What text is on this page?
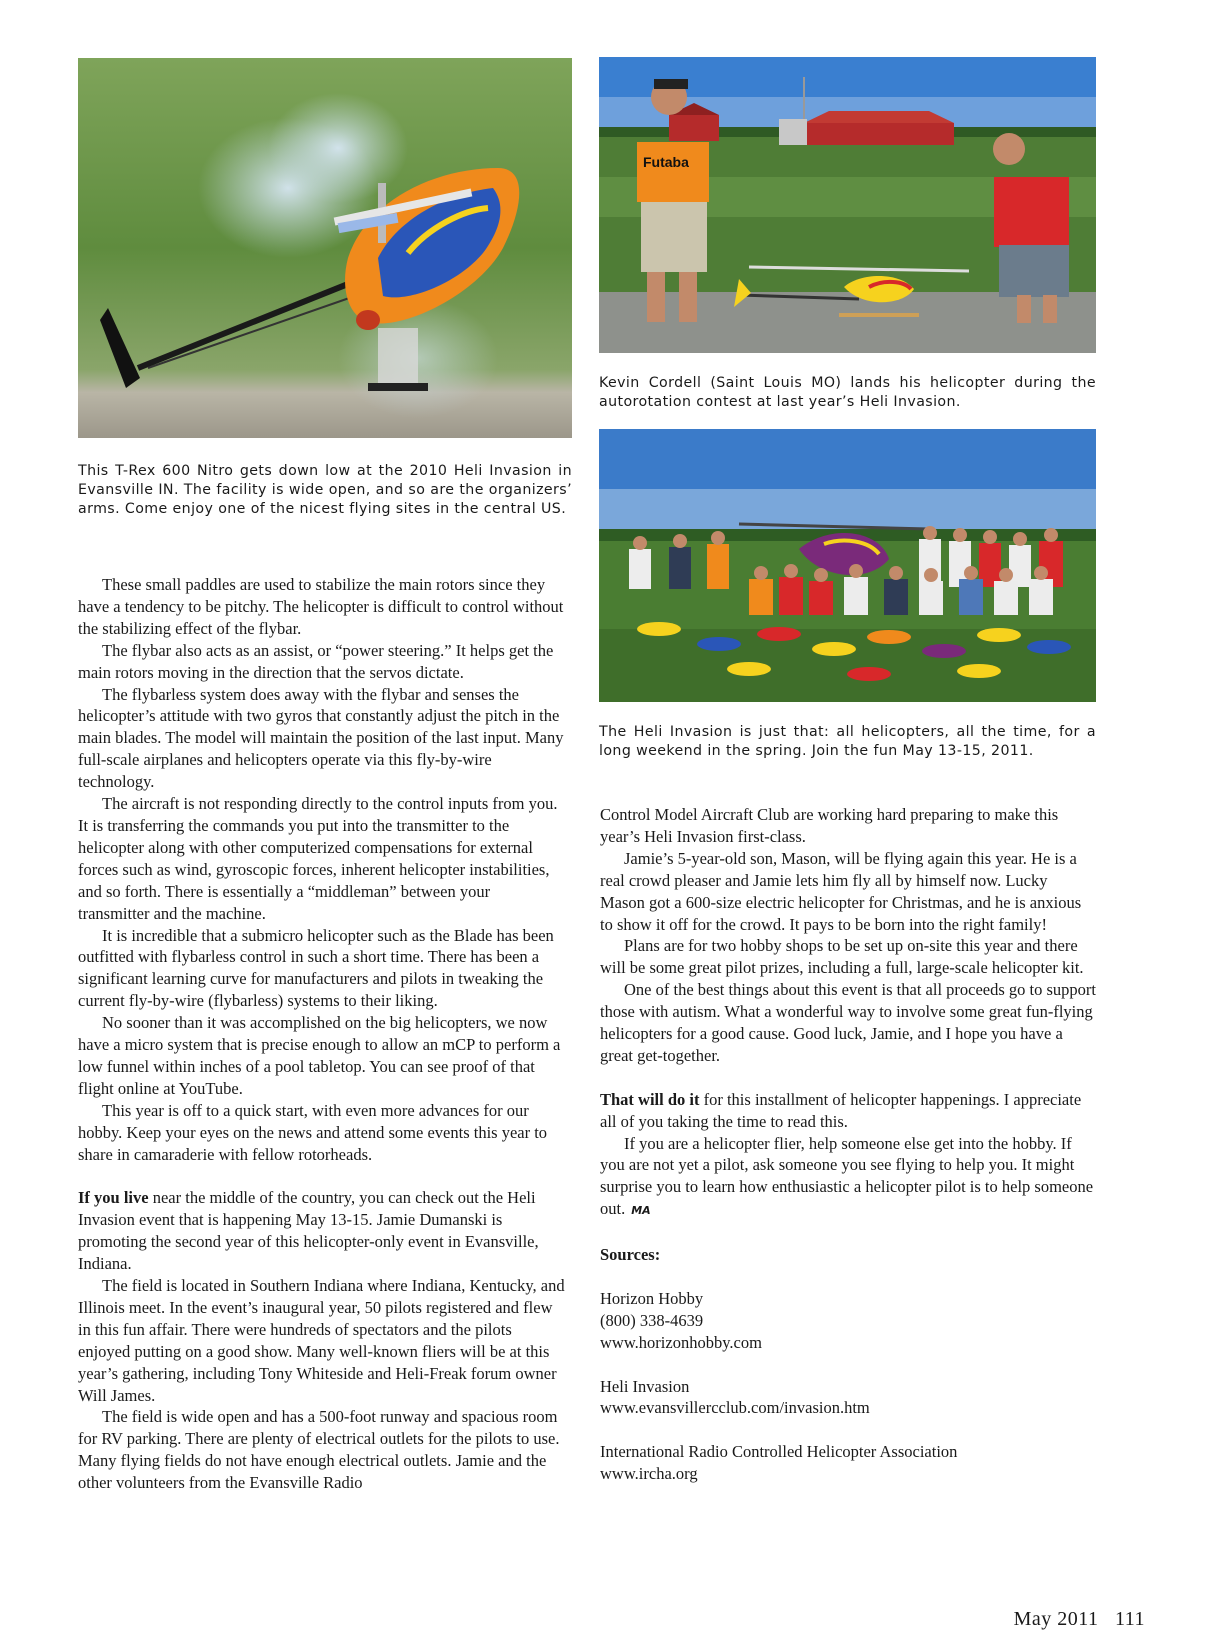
This T-Rex 600 Nitro gets down low at the 2010 Heli Invasion in Evansville IN. The facility is wide open, and so are the organizers’ arms. Come enjoy one of the nicest flying sites in the central US.
Futaba
Kevin Cordell (Saint Louis MO) lands his helicopter during the autorotation contest at last year’s Heli Invasion.
The Heli Invasion is just that: all helicopters, all the time, for a long weekend in the spring. Join the fun May 13-15, 2011.

These small paddles are used to stabilize the main rotors since they have a tendency to be pitchy. The helicopter is difficult to control without the stabilizing effect of the flybar.

The flybar also acts as an assist, or “power steering.” It helps get the main rotors moving in the direction that the servos dictate.

The flybarless system does away with the flybar and senses the helicopter’s attitude with two gyros that constantly adjust the pitch in the main blades. The model will maintain the position of the last input. Many full-scale airplanes and helicopters operate via this fly-by-wire technology.

The aircraft is not responding directly to the control inputs from you. It is transferring the commands you put into the transmitter to the helicopter along with other computerized compensations for external forces such as wind, gyroscopic forces, inherent helicopter instabilities, and so forth. There is essentially a “middleman” between your transmitter and the machine.

It is incredible that a submicro helicopter such as the Blade has been outfitted with flybarless control in such a short time. There has been a significant learning curve for manufacturers and pilots in tweaking the current fly-by-wire (flybarless) systems to their liking.

No sooner than it was accomplished on the big helicopters, we now have a micro system that is precise enough to allow an mCP to perform a low funnel within inches of a pool tabletop. You can see proof of that flight online at YouTube.

This year is off to a quick start, with even more advances for our hobby. Keep your eyes on the news and attend some events this year to share in camaraderie with fellow rotorheads.

If you live near the middle of the country, you can check out the Heli Invasion event that is happening May 13-15. Jamie Dumanski is promoting the second year of this helicopter-only event in Evansville, Indiana.

The field is located in Southern Indiana where Indiana, Kentucky, and Illinois meet. In the event’s inaugural year, 50 pilots registered and flew in this fun affair. There were hundreds of spectators and the pilots enjoyed putting on a good show. Many well-known fliers will be at this year’s gathering, including Tony Whiteside and Heli-Freak forum owner Will James.

The field is wide open and has a 500-foot runway and spacious room for RV parking. There are plenty of electrical outlets for the pilots to use. Many flying fields do not have enough electrical outlets. Jamie and the other volunteers from the Evansville Radio

Control Model Aircraft Club are working hard preparing to make this year’s Heli Invasion first-class.

Jamie’s 5-year-old son, Mason, will be flying again this year. He is a real crowd pleaser and Jamie lets him fly all by himself now. Lucky Mason got a 600-size electric helicopter for Christmas, and he is anxious to show it off for the crowd. It pays to be born into the right family!

Plans are for two hobby shops to be set up on-site this year and there will be some great pilot prizes, including a full, large-scale helicopter kit.

One of the best things about this event is that all proceeds go to support those with autism. What a wonderful way to involve some great fun-flying helicopters for a good cause. Good luck, Jamie, and I hope you have a great get-together.

That will do it for this installment of helicopter happenings. I appreciate all of you taking the time to read this.

If you are a helicopter flier, help someone else get into the hobby. If you are not yet a pilot, ask someone you see flying to help you. It might surprise you to learn how enthusiastic a helicopter pilot is to help someone out. MA

Sources:

Horizon Hobby
(800) 338-4639
www.horizonhobby.com
Heli Invasion
www.evansvillercclub.com/invasion.htm
International Radio Controlled Helicopter Association
www.ircha.org
May 2011   111
